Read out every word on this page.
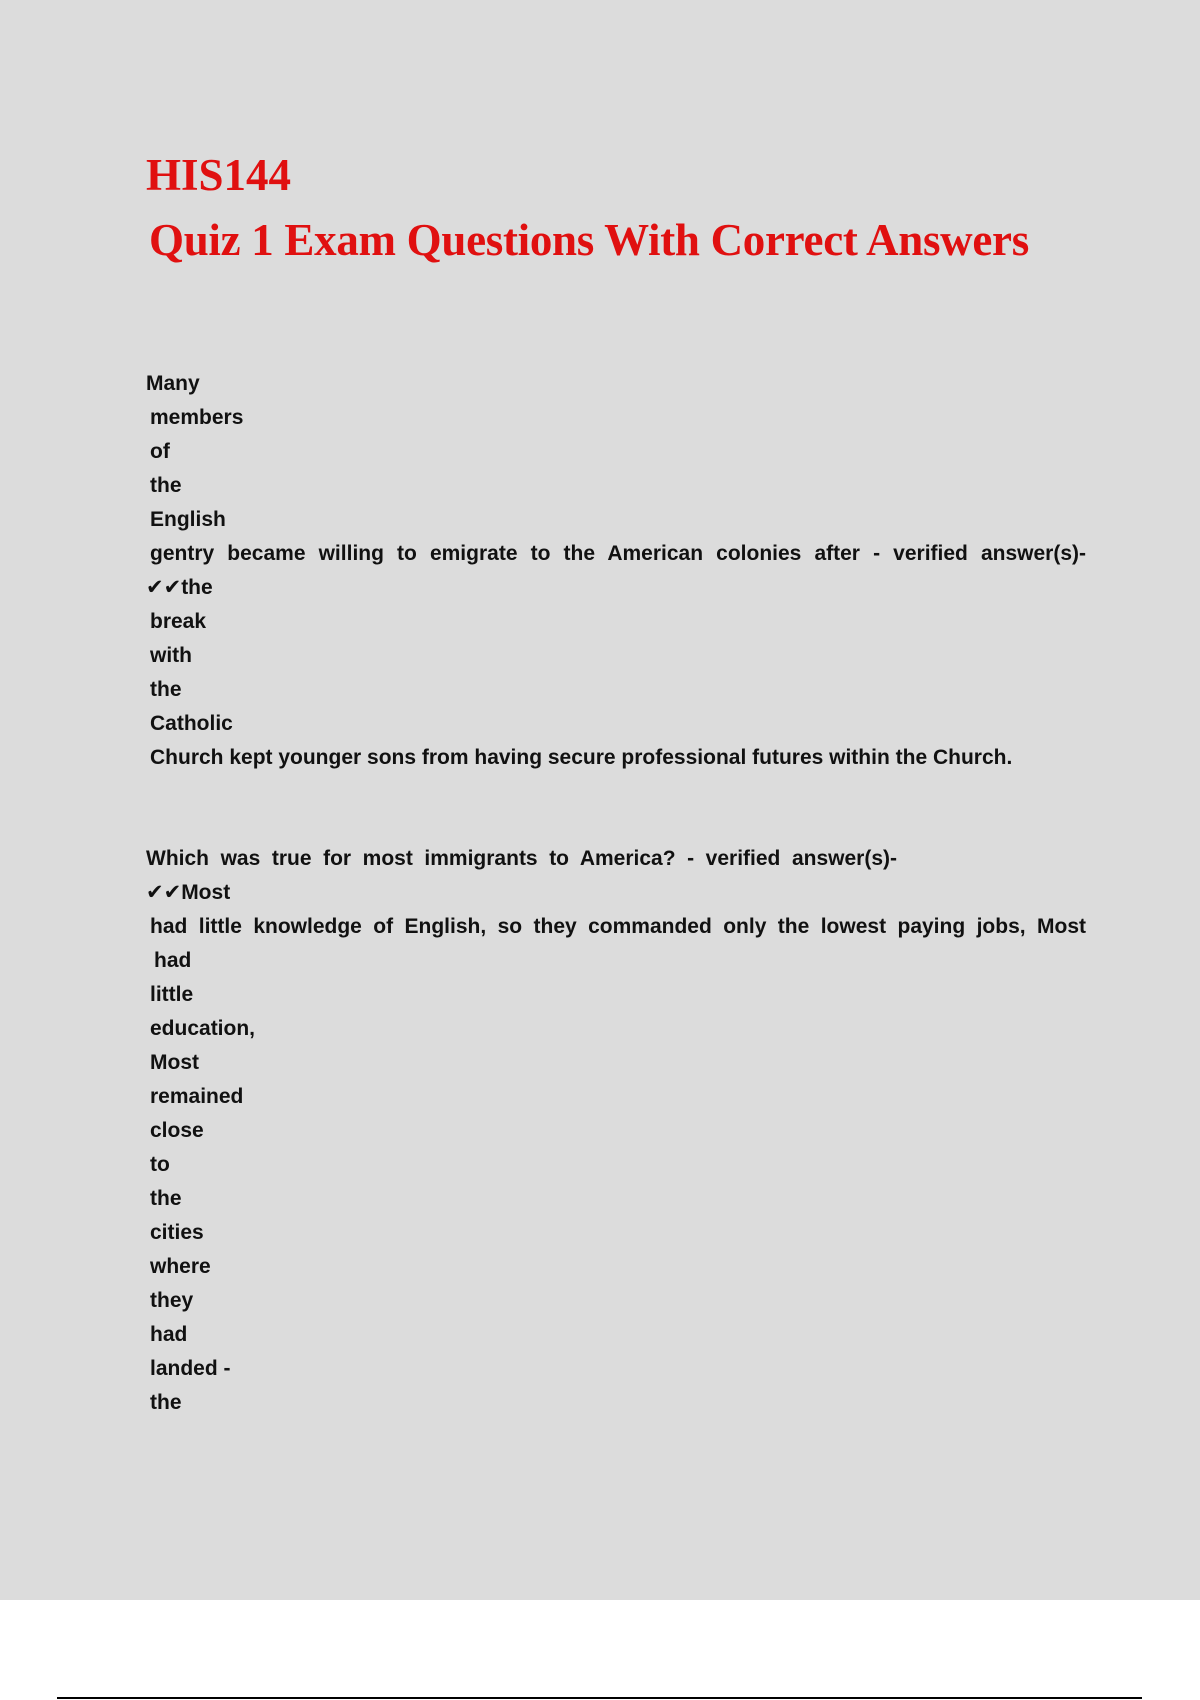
HIS144
Quiz 1 Exam Questions With Correct Answers
Many
members
of
the
English
gentry became willing to emigrate to the American colonies after - verified answer(s)-
✔✔the
break
with
the
Catholic
Church kept younger sons from having secure professional futures within the Church.
Which was true for most immigrants to America? - verified answer(s)-
✔✔Most
had little knowledge of English, so they commanded only the lowest paying jobs, Most
had
little
education,
Most
remained
close
to
the
cities
where
they
had
landed -
the
